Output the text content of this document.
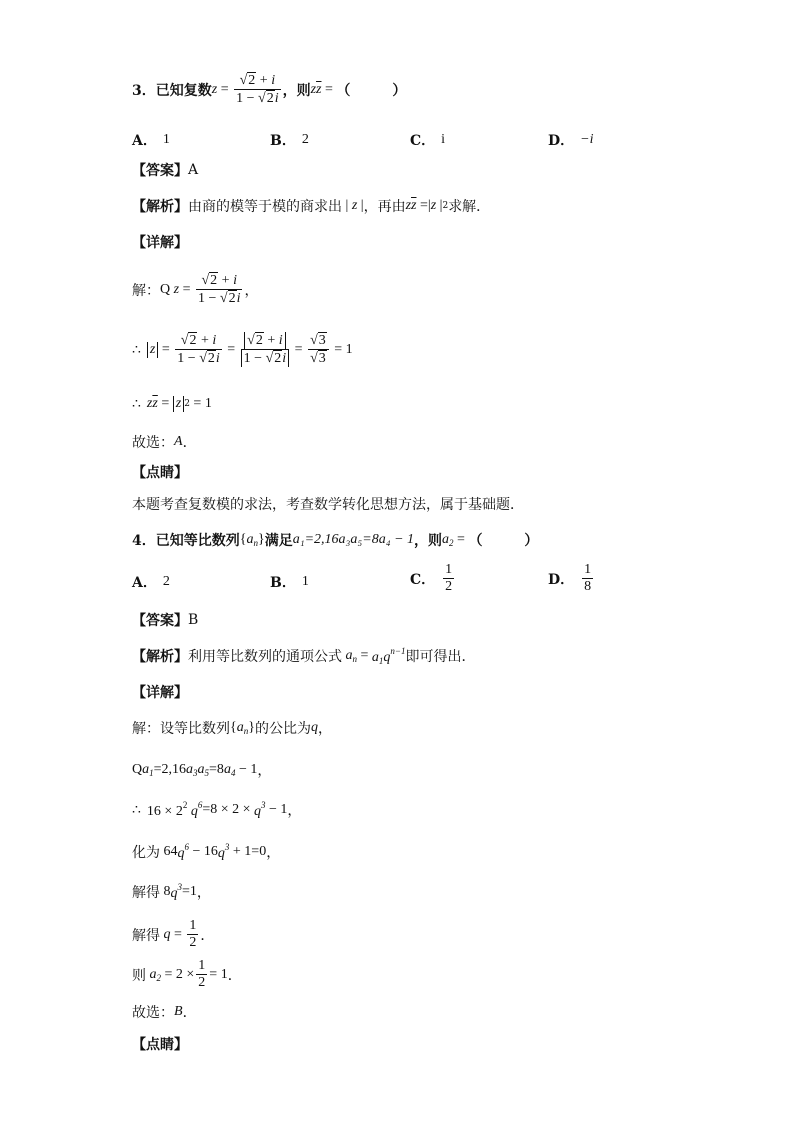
3． 已知复数 $z = \frac{√ 2 + i}{1 - √ 2 i}$ ，则 z $\overline{z}$ = （　　　）
A． 1	B． 2	C． i	D． −i
【答案】 A
【解析】 由商的模等于模的商求出 | z | ，再由 z $\overline{z}$ =| z | 2 求解．
【详解】
解： Q $z = \frac{√ 2 + i}{1 - √ 2 i}$ ，
∴ $z = \frac{√ 2 + i}{1 - √ 2 i} = \frac{√ 2 + i}{1 - √ 2 i} = \frac{√ 3}{√ 3} = 1$
∴ z $\overline{z} = z$ 2 = 1
故选： A ．
【点睛】
本题考查复数模的求法，考查数学转化思想方法，属于基础题．
4． 已知等比数列 { $a_n$ } 满足 a₁=2,16a₃a₅=8a₄ − 1 ，则 $a_2$ = （　　　）
A． 2	B． 1	C． $\frac{1}{2}$	D． $\frac{1}{8}$
【答案】 B
【解析】 利用等比数列的通项公式 $a_n = a_1q^{n-1}$ 即可得出．
【详解】
解：设等比数列 { $a_n$ } 的公比为 q ，
Q $a_1 =2,16$ $a_3a_5 =8$ $a_4 - 1$ ，
∴ $16 \times 2^2$ $q^6 =8 \times 2 \times q^3 - 1$ ，
化为 64 $q^6 - 16$ $q^3 + 1=0$ ，
解得 8 $q^3 =1$ ，
解得 $q = \frac{1}{2}$ ．
则 $a_2 = 2 \times \frac{1}{2} = 1$ ．
故选： B ．
【点睛】
